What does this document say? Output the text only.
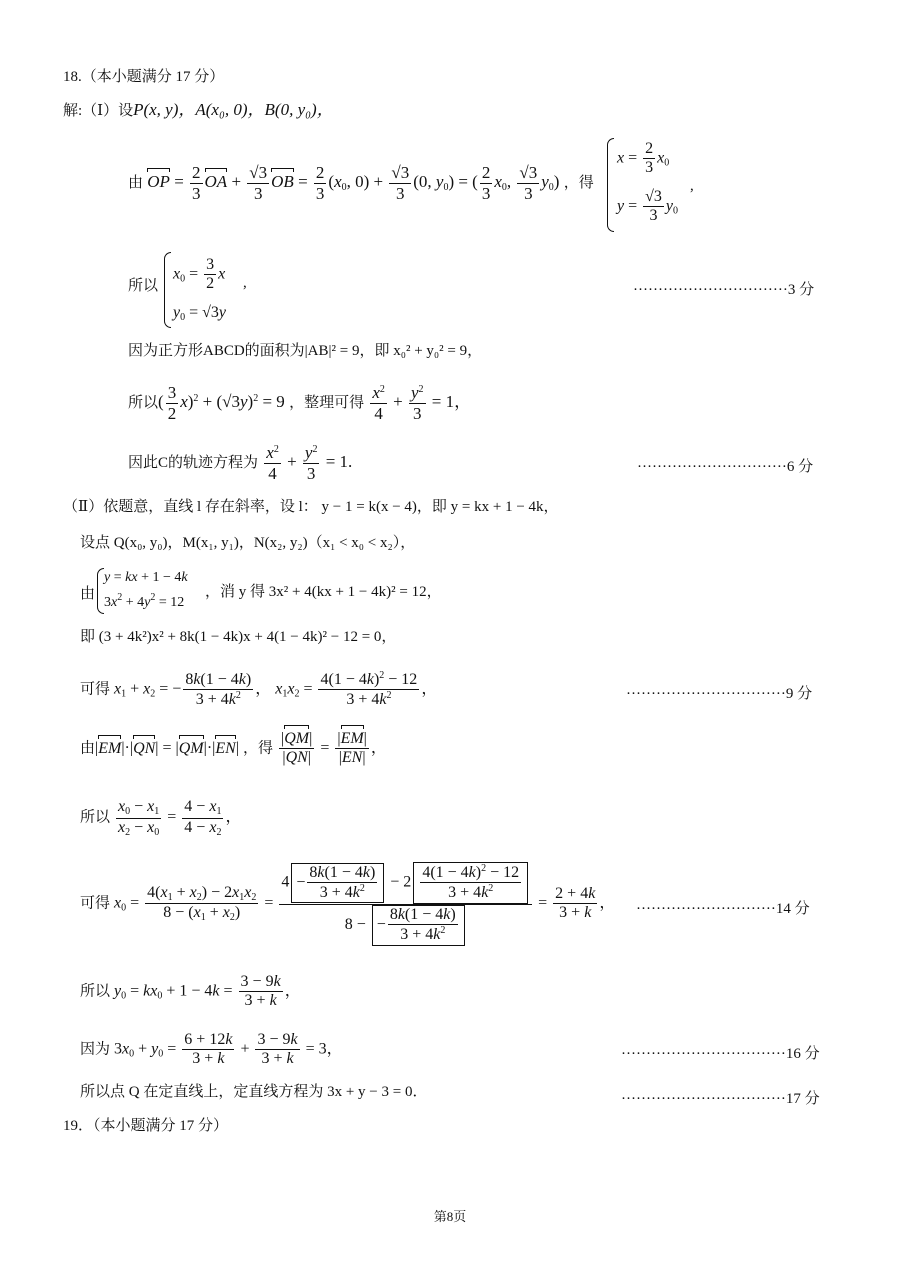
18.（本小题满分 17 分）
解:（Ⅰ）设P(x, y)，A(x₀, 0)，B(0, y₀)，
由 OP = $\frac{2}{3}$ OA + $\frac{√3}{3}$ OB = $\frac{2}{3} (x_0$, $0) + \frac{√3}{3} (0$, $y_0$) = ( $\frac{2}{3} x_0$, $\frac{√3}{3} y_0$) ，得
$x = \frac{2}{3} x_0$
$y = \frac{√3}{3} y_0$
,
所以
$x_0 = \frac{3}{2}$ x
$y_0 = √3y$
,	·······························3 分
因为正方形ABCD的面积为|AB|² = 9，即 x₀² + y₀² = 9，
所以( $\frac{3}{2} x)^2 + (√3y)^2 = 9$ ，整理可得 $\frac{x^2}{4} + \frac{y^2}{3} = 1$，
因此C的轨迹方程为 $\frac{x^2}{4} + \frac{y^2}{3} = 1$.	······························6 分
（Ⅱ）依题意，直线 l 存在斜率，设 l： y − 1 = k(x − 4)，即 y = kx + 1 − 4k，
设点 Q(x₀, y₀)，M(x₁, y₁)，N(x₂, y₂)（x₁ < x₀ < x₂），
由
y = kx + 1 − 4k
$3x^2 + 4y^2 = 12$
，消 y 得 3x² + 4(kx + 1 − 4k)² = 12，
即 (3 + 4k²)x² + 8k(1 − 4k)x + 4(1 − 4k)² − 12 = 0，
可得 $x_1 + x_2$ = − $\frac{8k(1 - 4k)}{3 + 4k^2}$ ， $x_1x_2 = \frac{4(1 - 4k)^2 - 12}{3 + 4k^2}$ ，	································9 分
由|EM|·|QN| = |QM|·|EN| ，得 $\frac{|QM|}{|QN|} = \frac{|EM|}{|EN|}$ ，
所以 $\frac{x_0 - x_1}{x_2 - x_0} = \frac{4 - x_1}{4 - x_2}$ ，
可得 $x_0 = \frac{4(x_1 + x_2) - 2x_1x_2}{8 - (x_1 + x_2)} = \frac{4 - \frac{8k(1 - 4k)}{3 + 4k^2} - 2 \frac{4(1 - 4k)^2 - 12}{3 + 4k^2}}{8 - - \frac{8k(1 - 4k)}{3 + 4k^2}} = \frac{2 + 4k}{3 + k}$ ， ····························14 分
所以 $y_0 = kx_0 + 1 - 4k = \frac{3 - 9k}{3 + k}$ ，
因为 $3x_0 + y_0 = \frac{6 + 12k}{3 + k} + \frac{3 - 9k}{3 + k} = 3$，	·································16 分
所以点 Q 在定直线上，定直线方程为 3x + y − 3 = 0．	·································17 分
19．（本小题满分 17 分）
第8页
